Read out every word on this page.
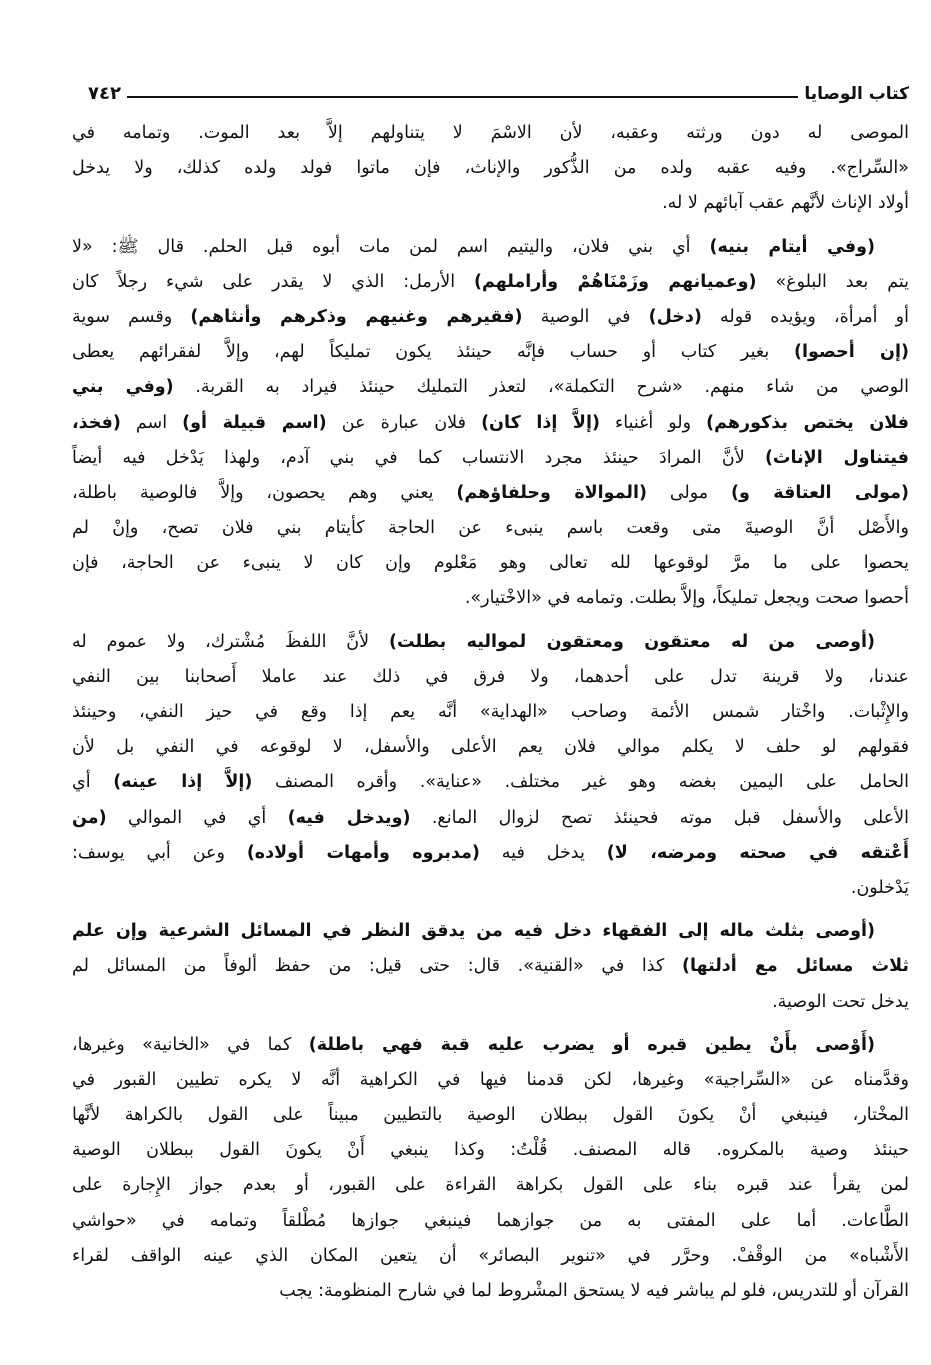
كتاب الوصايا
٧٤٢
الموصى له دون ورثته وعقبه، لأن الاسْمَ لا يتناولهم إلاَّ بعد الموت. وتمامه في
«السِّراج». وفيه عقبه ولده من الذُّكور والإناث، فإن ماتوا فولد ولده كذلك، ولا يدخل
أولاد الإناث لأنَّهم عقب آبائهم لا له.
(وفي أيتام بنيه) أي بني فلان، واليتيم اسم لمن مات أبوه قبل الحلم. قال ﷺ: «لا
يتم بعد البلوغ» (وعميانهم وزَمْنَاهُمْ وأراملهم) الأرمل: الذي لا يقدر على شيء رجلاً كان
أو أمرأة، ويؤيده قوله (دخل) في الوصية (فقيرهم وغنيهم وذكرهم وأنثاهم) وقسم سوية
(إن أحصوا) بغير كتاب أو حساب فإنَّه حينئذ يكون تمليكاً لهم، وإلاَّ لفقرائهم يعطى
الوصي من شاء منهم. «شرح التكملة»، لتعذر التمليك حينئذ فيراد به القربة. (وفي بني
فلان يختص بذكورهم) ولو أغنياء (إلاَّ إذا كان) فلان عبارة عن (اسم قبيلة أو) اسم (فخذ،
فيتناول الإناث) لأنَّ المرادَ حينئذ مجرد الانتساب كما في بني آدم، ولهذا يَدْخل فيه أيضاً
(مولى العتاقة و) مولى (الموالاة وحلفاؤهم) يعني وهم يحصون، وإلاَّ فالوصية باطلة،
والأَصْل أنَّ الوصيةَ متى وقعت باسم ينبىء عن الحاجة كأيتام بني فلان تصح، وإنْ لم
يحصوا على ما مرَّ لوقوعها لله تعالى وهو مَعْلوم وإن كان لا ينبىء عن الحاجة، فإن
أحصوا صحت ويجعل تمليكاً، وإلاَّ بطلت. وتمامه في «الاخْتيار».
(أوصى من له معتقون ومعتقون لمواليه بطلت) لأنَّ اللفظَ مُشْترك، ولا عموم له
عندنا، ولا قرينة تدل على أحدهما، ولا فرق في ذلك عند عاملا أَصحابنا بين النفي
والإِثْبات. واخْتار شمس الأئمة وصاحب «الهداية» أنَّه يعم إذا وقع في حيز النفي، وحينئذ
فقولهم لو حلف لا يكلم موالي فلان يعم الأعلى والأسفل، لا لوقوعه في النفي بل لأن
الحامل على اليمين بغضه وهو غير مختلف. «عناية». وأقره المصنف (إلاَّ إذا عينه) أي
الأعلى والأسفل قبل موته فحينئذ تصح لزوال المانع. (ويدخل فيه) أي في الموالي (من
أَعْتقه في صحته ومرضه، لا) يدخل فيه (مدبروه وأمهات أولاده) وعن أبي يوسف:
يَدْخلون.
(أوصى بثلث ماله إلى الفقهاء دخل فيه من يدقق النظر في المسائل الشرعية وإن علم
ثلاث مسائل مع أدلتها) كذا في «القنية». قال: حتى قيل: من حفظ ألوفاً من المسائل لم
يدخل تحت الوصية.
(أَوْصى بأَنْ يطين قبره أو يضرب عليه قبة فهي باطلة) كما في «الخانية» وغيرها،
وقدَّمناه عن «السِّراجية» وغيرها، لكن قدمنا فيها في الكراهية أنَّه لا يكره تطيين القبور في
المخْتار، فينبغي أنْ يكونَ القول ببطلان الوصية بالتطيين مبيناً على القول بالكراهة لأنَّها
حينئذ وصية بالمكروه. قاله المصنف. قُلْتُ: وكذا ينبغي أَنْ يكونَ القول ببطلان الوصية
لمن يقرأ عند قبره بناء على القول بكراهة القراءة على القبور، أو بعدم جواز الإِجارة على
الطَّاعات. أما على المفتى به من جوازهما فينبغي جوازها مُطْلقاً وتمامه في «حواشي
الأَشْباه» من الوقْفْ. وحرَّر في «تنوير البصائر» أن يتعين المكان الذي عينه الواقف لقراء
القرآن أو للتدريس، فلو لم يباشر فيه لا يستحق المشْروط لما في شارح المنظومة: يجب
